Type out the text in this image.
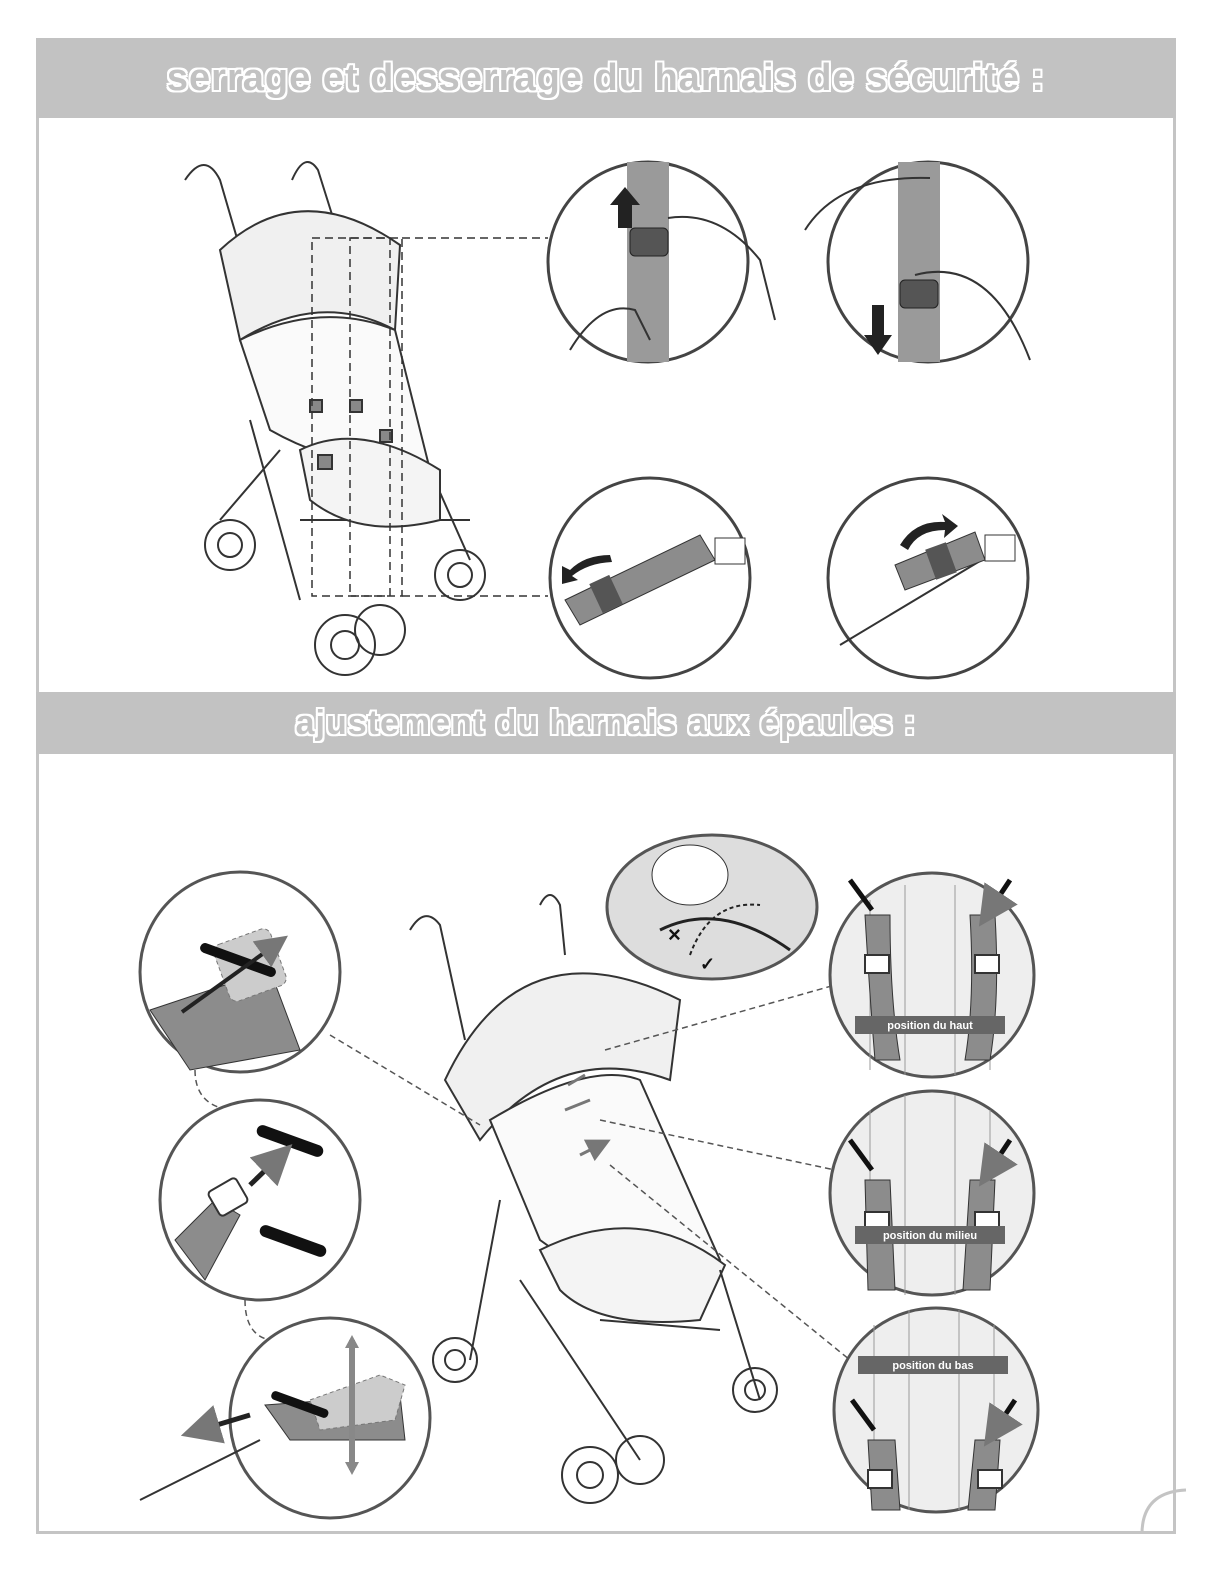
serrage et desserrage du harnais de sécurité :
ajustement du harnais aux épaules :
×
✓
position du haut
position du milieu
position du bas
